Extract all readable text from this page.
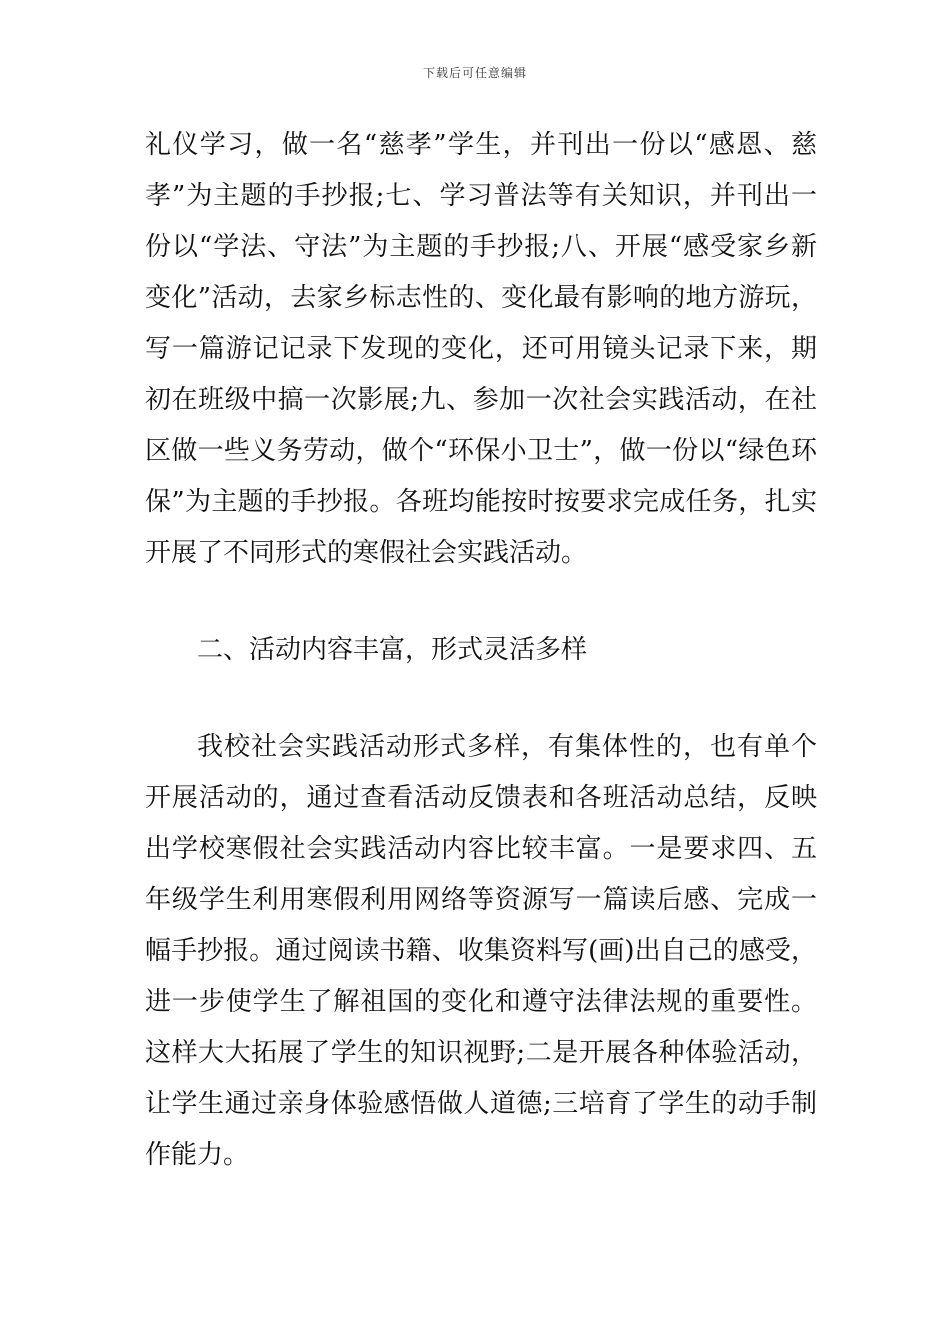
下载后可任意编辑

礼仪学习，做一名“慈孝”学生，并刊出一份以“感恩、慈孝”为主题的手抄报;七、学习普法等有关知识，并刊出一份以“学法、守法”为主题的手抄报;八、开展“感受家乡新变化”活动，去家乡标志性的、变化最有影响的地方游玩，写一篇游记记录下发现的变化，还可用镜头记录下来，期初在班级中搞一次影展;九、参加一次社会实践活动，在社区做一些义务劳动，做个“环保小卫士”，做一份以“绿色环保”为主题的手抄报。各班均能按时按要求完成任务，扎实开展了不同形式的寒假社会实践活动。

二、活动内容丰富，形式灵活多样

我校社会实践活动形式多样，有集体性的，也有单个开展活动的，通过查看活动反馈表和各班活动总结，反映出学校寒假社会实践活动内容比较丰富。一是要求四、五年级学生利用寒假利用网络等资源写一篇读后感、完成一幅手抄报。通过阅读书籍、收集资料写(画)出自己的感受，进一步使学生了解祖国的变化和遵守法律法规的重要性。这样大大拓展了学生的知识视野;二是开展各种体验活动，让学生通过亲身体验感悟做人道德;三培育了学生的动手制作能力。
